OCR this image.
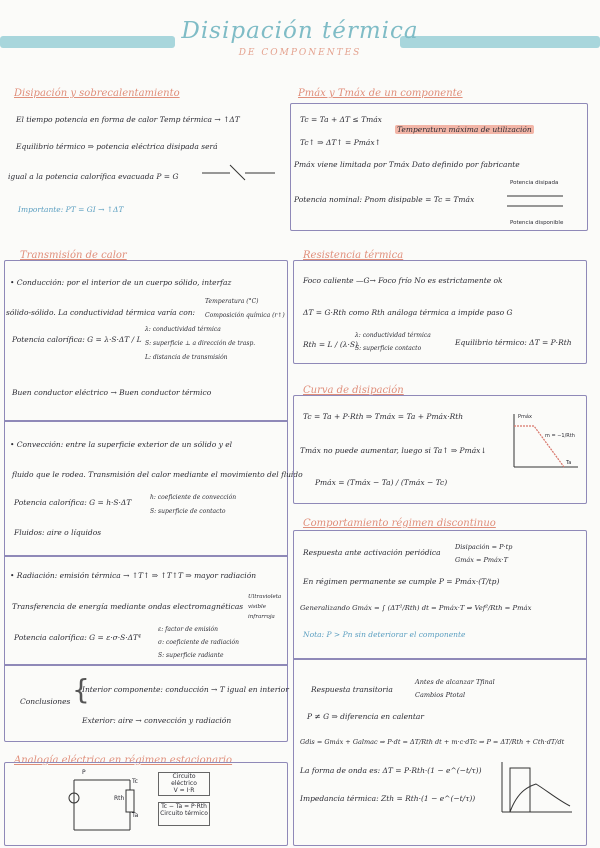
Disipación térmica
DE COMPONENTES
Disipación y sobrecalentamiento
El tiempo potencia en forma de calor Temp térmica → ↑ΔT
Equilibrio térmico ⇒ potencia eléctrica disipada será
igual a la potencia calorífica evacuada P = G
Importante: PT = GI → ↑ΔT
Pmáx y Tmáx de un componente
Tc = Ta + ΔT ≤ Tmáx
Temperatura máxima de utilización
Tc↑ ⇒ ΔT↑ = Pmáx↑
Pmáx viene limitada por Tmáx Dato definido por fabricante
Potencia nominal: Pnom disipable = Tc = Tmáx
Potencia disipada
Potencia disponible
Transmisión de calor
• Conducción: por el interior de un cuerpo sólido, interfaz
sólido-sólido. La conductividad térmica varía con:
Temperatura (°C)
Composición química (r↑)
Potencia calorífica: G = λ·S·ΔT / L
λ: conductividad térmica
S: superficie ⊥ a dirección de trasp.
L: distancia de transmisión
Buen conductor eléctrico → Buen conductor térmico
• Convección: entre la superficie exterior de un sólido y el
fluido que le rodea. Transmisión del calor mediante el movimiento del fluido
Potencia calorífica: G = h·S·ΔT
h: coeficiente de convección
S: superficie de contacto
Fluidos: aire o líquidos
• Radiación: emisión térmica → ↑T↑ ⇒ ↑T↑T ⇒ mayor radiación
Transferencia de energía mediante ondas electromagnéticas
Ultravioleta
visible
infrarroja
Potencia calorífica: G = ε·σ·S·ΔT⁴
ε: factor de emisión
σ: coeficiente de radiación
S: superficie radiante
Conclusiones {
Interior componente: conducción → T igual en interior
Exterior: aire → convección y radiación
Analogía eléctrica en régimen estacionario
P
Tc
Rth
Ta
Circuito eléctrico
V = I·R
Tc − Ta = P·Rth
Circuito térmico
Resistencia térmica
Foco caliente —G→ Foco frío No es estrictamente ok
ΔT = G·Rth como Rth análoga térmica a impide paso G
Rth = L / (λ·S)
λ: conductividad térmica
S: superficie contacto
Equilibrio térmico: ΔT = P·Rth
Curva de disipación
Tc = Ta + P·Rth ⇒ Tmáx = Ta + Pmáx·Rth
Tmáx no puede aumentar, luego si Ta↑ ⇒ Pmáx↓
Pmáx = (Tmáx − Ta) / (Tmáx − Tc)
Pmáx
Ta
m = −1/Rth
Comportamiento régimen discontinuo
Respuesta ante activación periódica
Disipación = P·tp
Gmáx = Pmáx·T
En régimen permanente se cumple P = Pmáx·(T/tp)
Generalizando Gmáx = ∫ (ΔT²/Rth) dt = Pmáx·T ⇒ Vef²/Rth = Pmáx
Nota: P > Pn sin deteriorar el componente
Respuesta transitoria
Antes de alcanzar Tfinal
Cambios Ptotal
P ≠ G ⇒ diferencia en calentar
Gdis = Gmáx + Galmac ⇒ P·dt = ΔT/Rth dt + m·c·dTc ⇒ P = ΔT/Rth + Cth·dT/dt
La forma de onda es: ΔT = P·Rth·(1 − e^(−t/τ))
Impedancia térmica: Zth = Rth·(1 − e^(−t/τ))
